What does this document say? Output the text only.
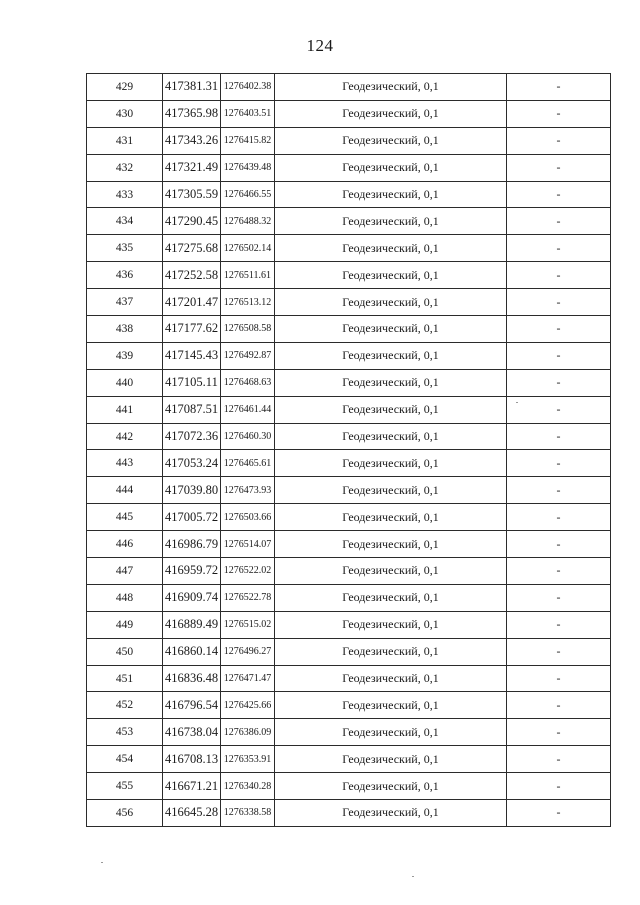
124
429	417381.31	1276402.38	Геодезический, 0,1	-
430	417365.98	1276403.51	Геодезический, 0,1	-
431	417343.26	1276415.82	Геодезический, 0,1	-
432	417321.49	1276439.48	Геодезический, 0,1	-
433	417305.59	1276466.55	Геодезический, 0,1	-
434	417290.45	1276488.32	Геодезический, 0,1	-
435	417275.68	1276502.14	Геодезический, 0,1	-
436	417252.58	1276511.61	Геодезический, 0,1	-
437	417201.47	1276513.12	Геодезический, 0,1	-
438	417177.62	1276508.58	Геодезический, 0,1	-
439	417145.43	1276492.87	Геодезический, 0,1	-
440	417105.11	1276468.63	Геодезический, 0,1	-
441	417087.51	1276461.44	Геодезический, 0,1	-
442	417072.36	1276460.30	Геодезический, 0,1	-
443	417053.24	1276465.61	Геодезический, 0,1	-
444	417039.80	1276473.93	Геодезический, 0,1	-
445	417005.72	1276503.66	Геодезический, 0,1	-
446	416986.79	1276514.07	Геодезический, 0,1	-
447	416959.72	1276522.02	Геодезический, 0,1	-
448	416909.74	1276522.78	Геодезический, 0,1	-
449	416889.49	1276515.02	Геодезический, 0,1	-
450	416860.14	1276496.27	Геодезический, 0,1	-
451	416836.48	1276471.47	Геодезический, 0,1	-
452	416796.54	1276425.66	Геодезический, 0,1	-
453	416738.04	1276386.09	Геодезический, 0,1	-
454	416708.13	1276353.91	Геодезический, 0,1	-
455	416671.21	1276340.28	Геодезический, 0,1	-
456	416645.28	1276338.58	Геодезический, 0,1	-
